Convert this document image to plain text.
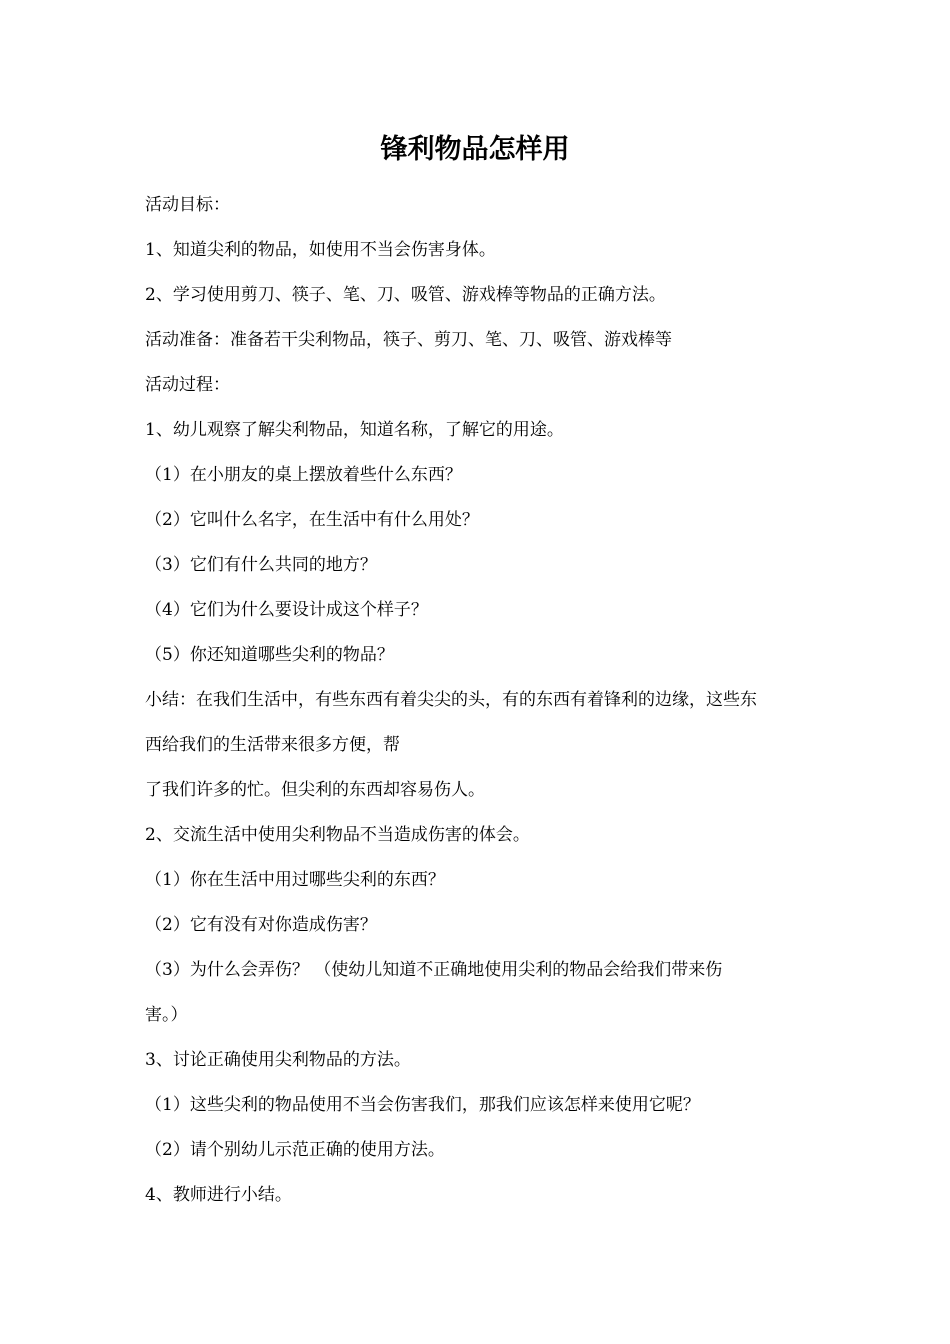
锋利物品怎样用
活动目标：
1、知道尖利的物品，如使用不当会伤害身体。
2、学习使用剪刀、筷子、笔、刀、吸管、游戏棒等物品的正确方法。
活动准备：准备若干尖利物品，筷子、剪刀、笔、刀、吸管、游戏棒等
活动过程：
1、幼儿观察了解尖利物品，知道名称，了解它的用途。
（1）在小朋友的桌上摆放着些什么东西？
（2）它叫什么名字，在生活中有什么用处？
（3）它们有什么共同的地方？
（4）它们为什么要设计成这个样子？
（5）你还知道哪些尖利的物品？
小结：在我们生活中，有些东西有着尖尖的头，有的东西有着锋利的边缘，这些东
西给我们的生活带来很多方便，帮
了我们许多的忙。但尖利的东西却容易伤人。
2、交流生活中使用尖利物品不当造成伤害的体会。
（1）你在生活中用过哪些尖利的东西？
（2）它有没有对你造成伤害？
（3）为什么会弄伤？ （使幼儿知道不正确地使用尖利的物品会给我们带来伤
害。）
3、讨论正确使用尖利物品的方法。
（1）这些尖利的物品使用不当会伤害我们，那我们应该怎样来使用它呢？
（2）请个别幼儿示范正确的使用方法。
4、教师进行小结。
